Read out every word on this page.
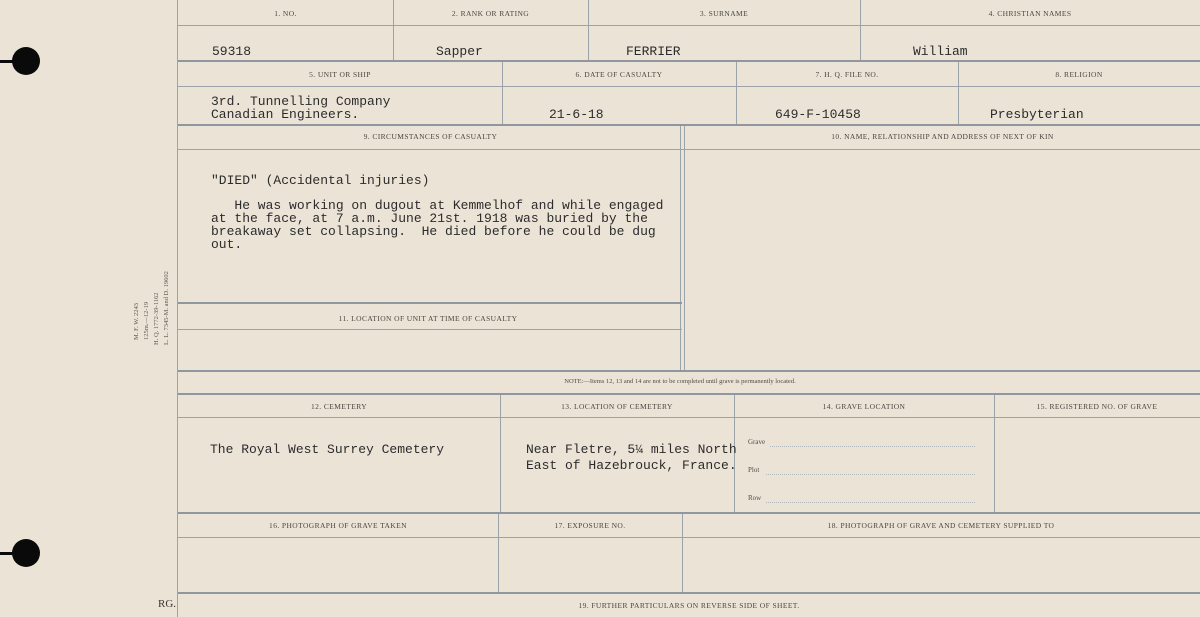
M. F. W. 2243 125m.—12-19 H. Q. 1772-39-1162 L. L. 7345-M. and D. 19602
RG.
1. NO.	2. RANK OR RATING	3. SURNAME	4. CHRISTIAN NAMES
59318	Sapper	FERRIER	William
5. UNIT OR SHIP	6. DATE OF CASUALTY	7. H. Q. FILE NO.	8. RELIGION
3rd. Tunnelling Company
Canadian Engineers.	21-6-18	649-F-10458	Presbyterian
9. CIRCUMSTANCES OF CASUALTY	10. NAME, RELATIONSHIP AND ADDRESS OF NEXT OF KIN
"DIED" (Accidental injuries)
He was working on dugout at Kemmelhof and while engaged
at the face, at 7 a.m. June 21st. 1918 was buried by the
breakaway set collapsing.  He died before he could be dug
out.
11. LOCATION OF UNIT AT TIME OF CASUALTY
NOTE:—Items 12, 13 and 14 are not to be completed until grave is permanently located.
12. CEMETERY	13. LOCATION OF CEMETERY	14. GRAVE LOCATION	15. REGISTERED NO. OF GRAVE
The Royal West Surrey Cemetery	Near Fletre, 5¼ miles North
East of Hazebrouck, France.
Grave
Plot
Row
16. PHOTOGRAPH OF GRAVE TAKEN	17. EXPOSURE NO.	18. PHOTOGRAPH OF GRAVE AND CEMETERY SUPPLIED TO
19. FURTHER PARTICULARS ON REVERSE SIDE OF SHEET.
